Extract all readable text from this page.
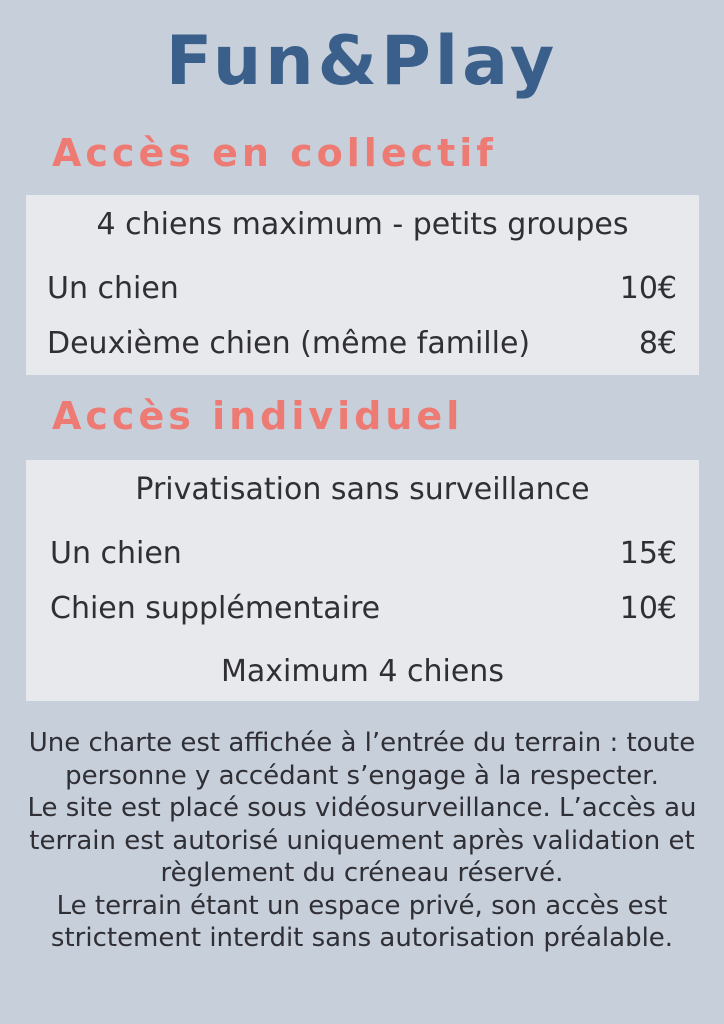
Fun&Play
Accès en collectif
4 chiens maximum - petits groupes
Un chien	10€
Deuxième chien (même famille)	8€
Accès individuel
Privatisation sans surveillance
Un chien	15€
Chien supplémentaire	10€
Maximum 4 chiens

Une charte est affichée à l’entrée du terrain : toute personne y accédant s’engage à la respecter.

Le site est placé sous vidéosurveillance. L’accès au terrain est autorisé uniquement après validation et règlement du créneau réservé.

Le terrain étant un espace privé, son accès est strictement interdit sans autorisation préalable.
